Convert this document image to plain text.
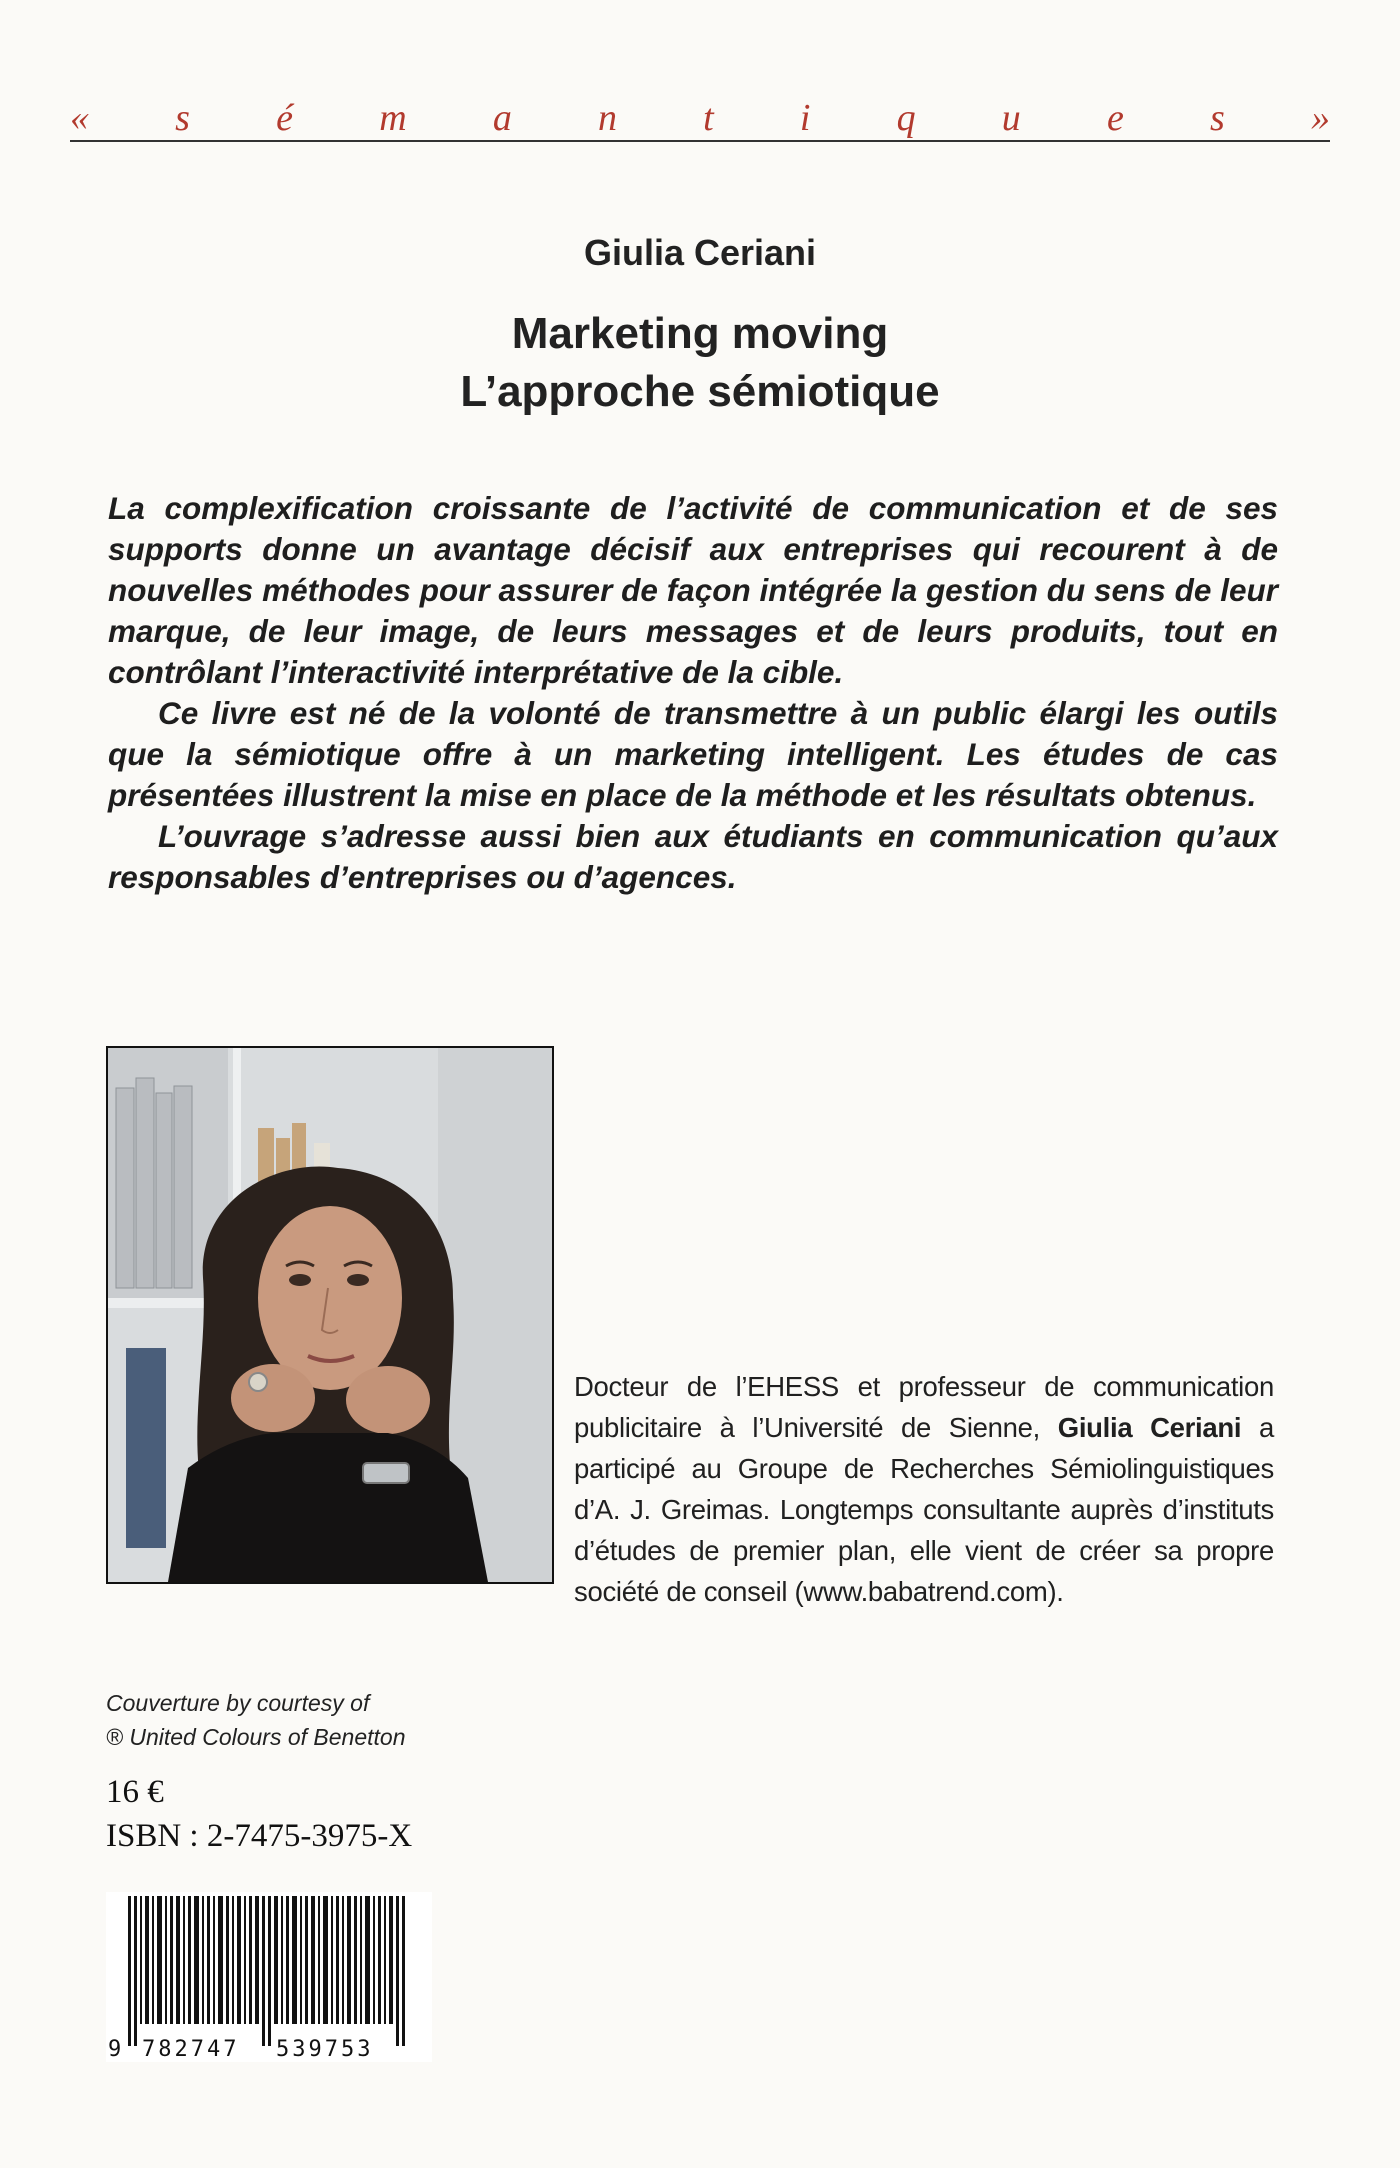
« s é m a n t i q u e s »
Giulia Ceriani
Marketing moving
L’approche sémiotique

La complexification croissante de l’activité de communication et de ses supports donne un avantage décisif aux entreprises qui recourent à de nouvelles méthodes pour assurer de façon intégrée la gestion du sens de leur marque, de leur image, de leurs messages et de leurs produits, tout en contrôlant l’interactivité interprétative de la cible.

Ce livre est né de la volonté de transmettre à un public élargi les outils que la sémiotique offre à un marketing intelligent. Les études de cas présentées illustrent la mise en place de la méthode et les résultats obtenus.

L’ouvrage s’adresse aussi bien aux étudiants en communication qu’aux responsables d’entreprises ou d’agences.

Docteur de l’EHESS et professeur de communication publicitaire à l’Université de Sienne, Giulia Ceriani a participé au Groupe de Recherches Sémiolinguistiques d’A. J. Greimas. Longtemps consultante auprès d’instituts d’études de premier plan, elle vient de créer sa propre société de conseil (www.babatrend.com).
Couverture by courtesy of
® United Colours of Benetton
16 €
ISBN : 2-7475-3975-X
9 782747 539753
